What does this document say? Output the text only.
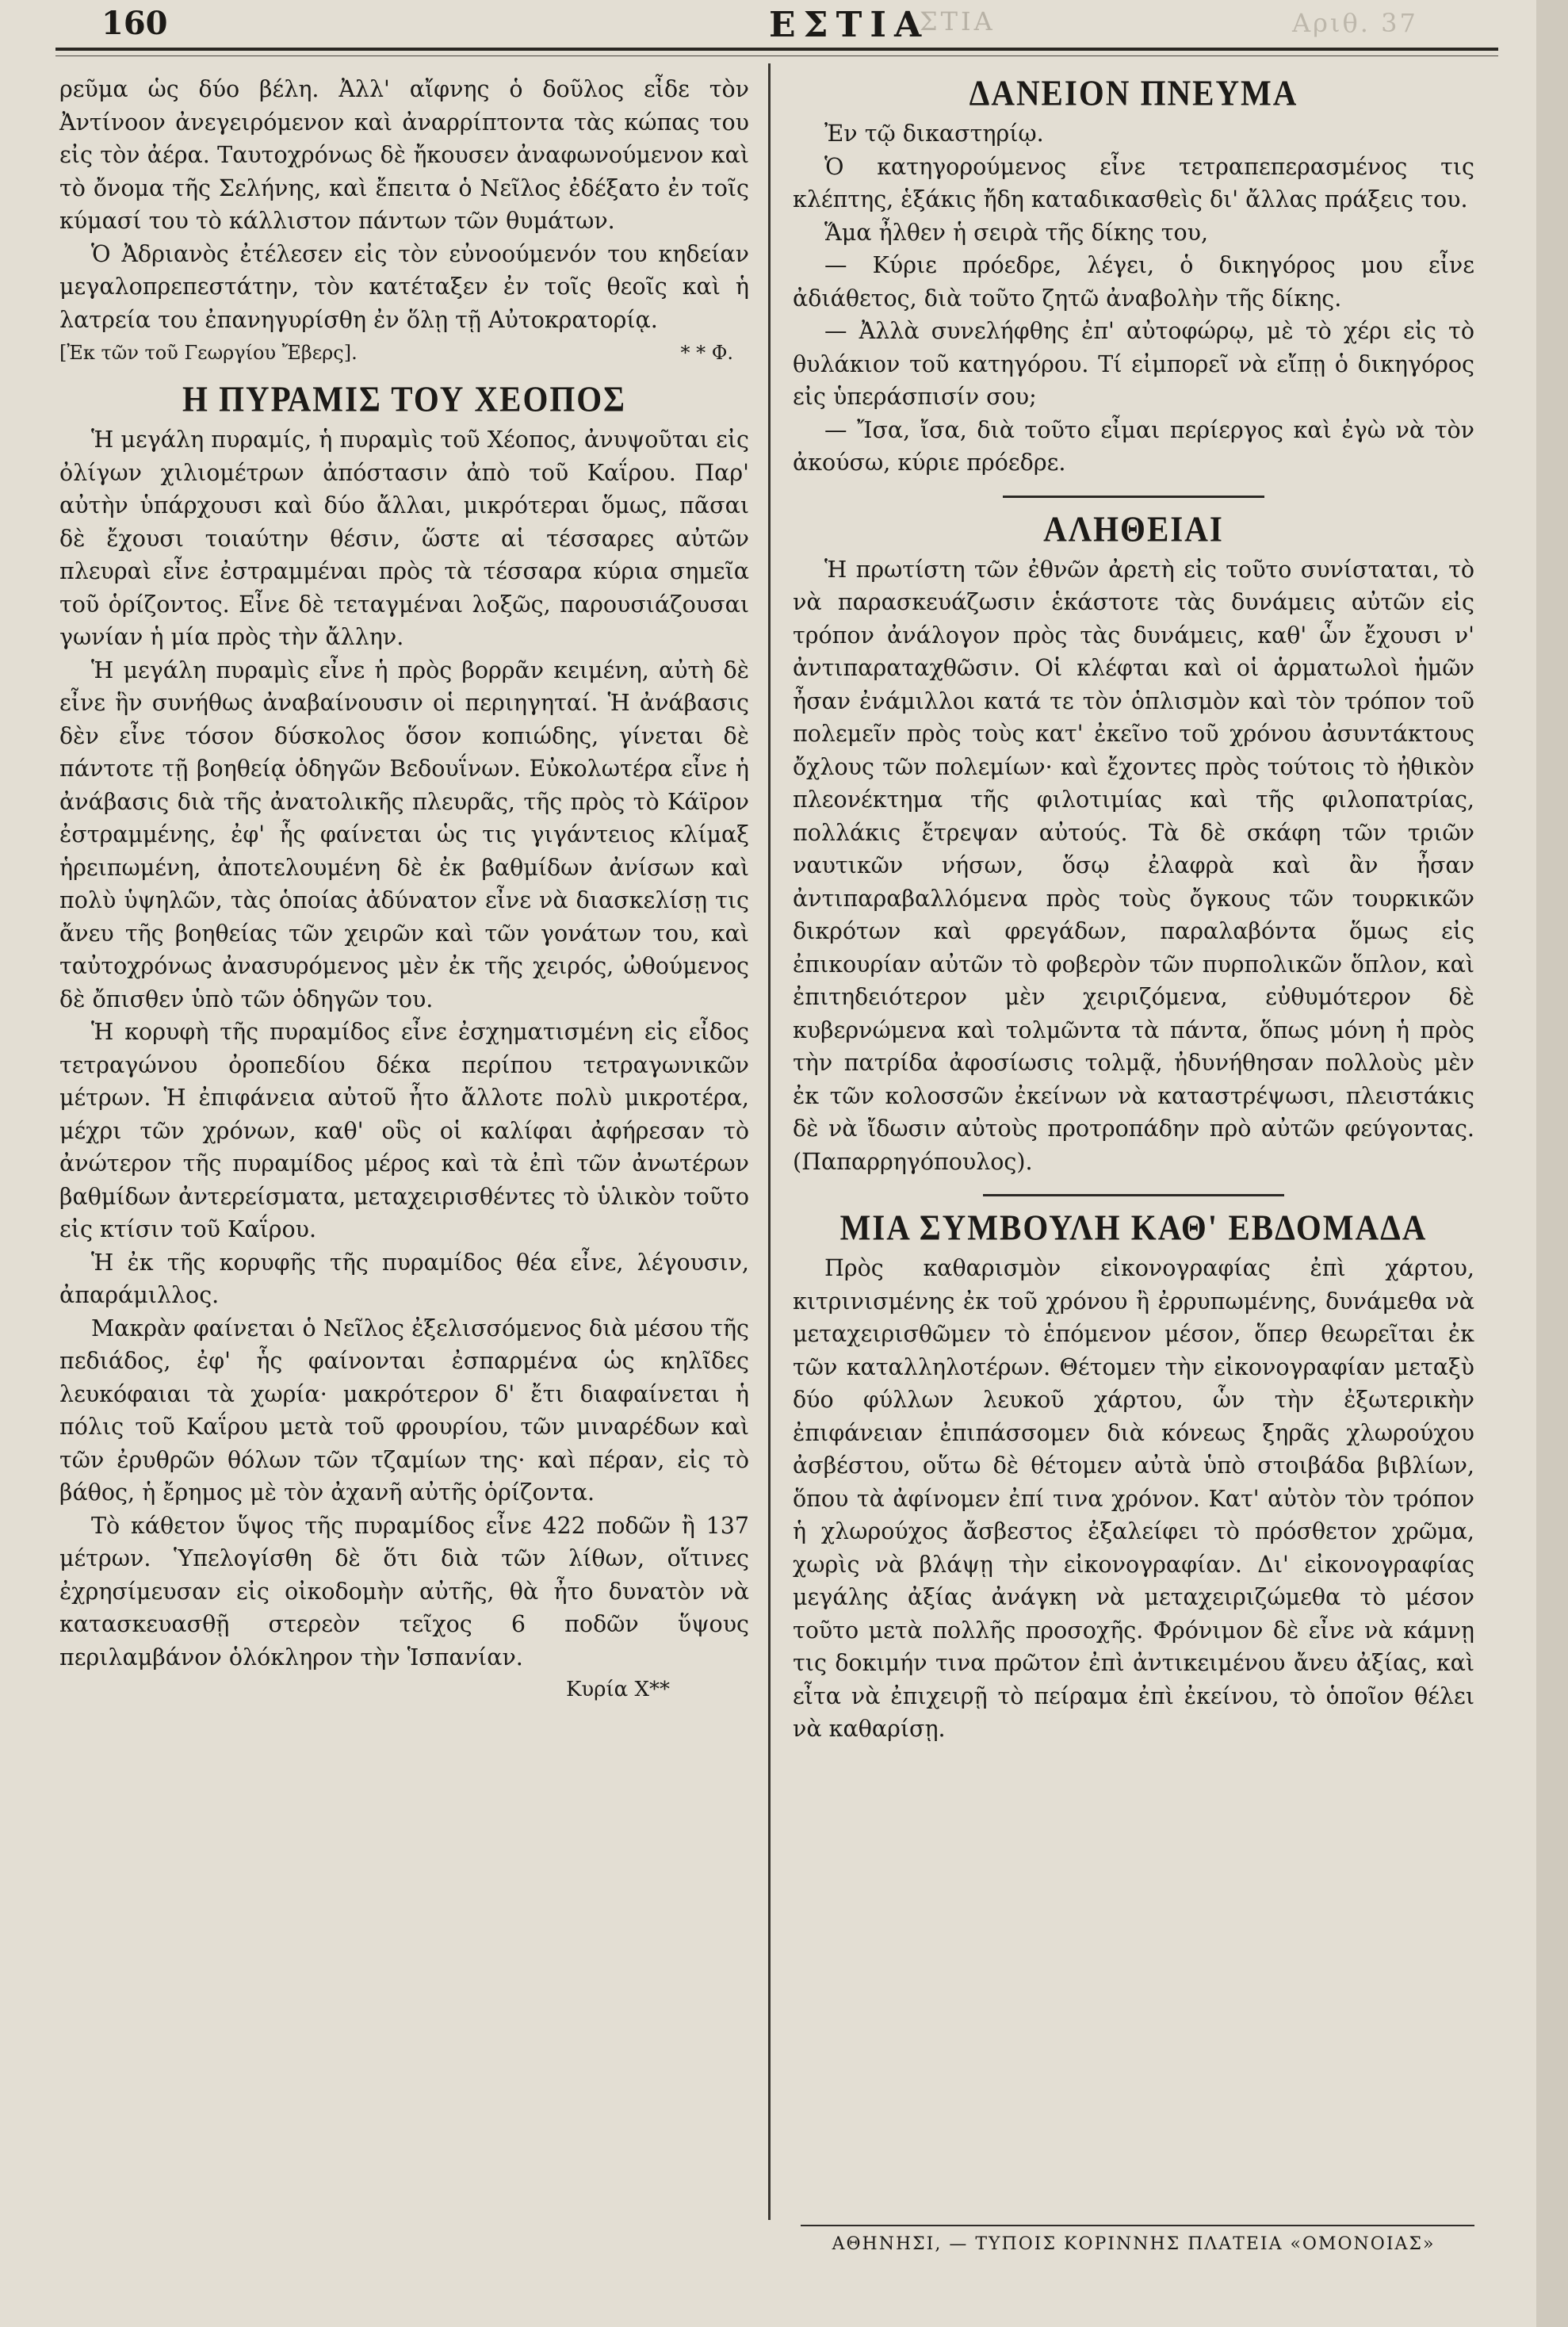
160	ΕΣΤΙΑ
ΣΤΙΑ	Αριθ. 37

ρεῦμα ὡς δύο βέλη. Ἀλλ' αἴφνης ὁ δοῦλος εἶδε τὸν Ἀντίνοον ἀνεγειρόμενον καὶ ἀναρρίπτοντα τὰς κώπας του εἰς τὸν ἀέρα. Ταυτοχρόνως δὲ ἤκουσεν ἀναφωνούμενον καὶ τὸ ὄνομα τῆς Σελήνης, καὶ ἔπειτα ὁ Νεῖλος ἐδέξατο ἐν τοῖς κύμασί του τὸ κάλλιστον πάντων τῶν θυμάτων.

Ὁ Ἀδριανὸς ἐτέλεσεν εἰς τὸν εὐνοούμενόν του κηδείαν μεγαλοπρεπεστάτην, τὸν κατέταξεν ἐν τοῖς θεοῖς καὶ ἡ λατρεία του ἐπανηγυρίσθη ἐν ὅλῃ τῇ Αὐτοκρατορίᾳ.

[Ἐκ τῶν τοῦ Γεωργίου Ἔβερς].	* * Φ.
Η ΠΥΡΑΜΙΣ ΤΟΥ ΧΕΟΠΟΣ

Ἡ μεγάλη πυραμίς, ἡ πυραμὶς τοῦ Χέοπος, ἀνυψοῦται εἰς ὀλίγων χιλιομέτρων ἀπόστασιν ἀπὸ τοῦ Καΐρου. Παρ' αὐτὴν ὑπάρχουσι καὶ δύο ἄλλαι, μικρότεραι ὅμως, πᾶσαι δὲ ἔχουσι τοιαύτην θέσιν, ὥστε αἱ τέσσαρες αὐτῶν πλευραὶ εἶνε ἐστραμμέναι πρὸς τὰ τέσσαρα κύρια σημεῖα τοῦ ὁρίζοντος. Εἶνε δὲ τεταγμέναι λοξῶς, παρουσιάζουσαι γωνίαν ἡ μία πρὸς τὴν ἄλλην.

Ἡ μεγάλη πυραμὶς εἶνε ἡ πρὸς βορρᾶν κειμένη, αὐτὴ δὲ εἶνε ἣν συνήθως ἀναβαίνουσιν οἱ περιηγηταί. Ἡ ἀνάβασις δὲν εἶνε τόσον δύσκολος ὅσον κοπιώδης, γίνεται δὲ πάντοτε τῇ βοηθείᾳ ὁδηγῶν Βεδουΐνων. Εὐκολωτέρα εἶνε ἡ ἀνάβασις διὰ τῆς ἀνατολικῆς πλευρᾶς, τῆς πρὸς τὸ Κάϊρον ἐστραμμένης, ἐφ' ἧς φαίνεται ὡς τις γιγάντειος κλίμαξ ἡρειπωμένη, ἀποτελουμένη δὲ ἐκ βαθμίδων ἀνίσων καὶ πολὺ ὑψηλῶν, τὰς ὁποίας ἀδύνατον εἶνε νὰ διασκελίσῃ τις ἄνευ τῆς βοηθείας τῶν χειρῶν καὶ τῶν γονάτων του, καὶ ταὐτοχρόνως ἀνασυρόμενος μὲν ἐκ τῆς χειρός, ὠθούμενος δὲ ὄπισθεν ὑπὸ τῶν ὁδηγῶν του.

Ἡ κορυφὴ τῆς πυραμίδος εἶνε ἐσχηματισμένη εἰς εἶδος τετραγώνου ὀροπεδίου δέκα περίπου τετραγωνικῶν μέτρων. Ἡ ἐπιφάνεια αὐτοῦ ἦτο ἄλλοτε πολὺ μικροτέρα, μέχρι τῶν χρόνων, καθ' οὓς οἱ καλίφαι ἀφήρεσαν τὸ ἀνώτερον τῆς πυραμίδος μέρος καὶ τὰ ἐπὶ τῶν ἀνωτέρων βαθμίδων ἀντερείσματα, μεταχειρισθέντες τὸ ὑλικὸν τοῦτο εἰς κτίσιν τοῦ Καΐρου.

Ἡ ἐκ τῆς κορυφῆς τῆς πυραμίδος θέα εἶνε, λέγουσιν, ἀπαράμιλλος.

Μακρὰν φαίνεται ὁ Νεῖλος ἐξελισσόμενος διὰ μέσου τῆς πεδιάδος, ἐφ' ἧς φαίνονται ἐσπαρμένα ὡς κηλῖδες λευκόφαιαι τὰ χωρία· μακρότερον δ' ἔτι διαφαίνεται ἡ πόλις τοῦ Καΐρου μετὰ τοῦ φρουρίου, τῶν μιναρέδων καὶ τῶν ἐρυθρῶν θόλων τῶν τζαμίων της· καὶ πέραν, εἰς τὸ βάθος, ἡ ἔρημος μὲ τὸν ἀχανῆ αὐτῆς ὁρίζοντα.

Τὸ κάθετον ὕψος τῆς πυραμίδος εἶνε 422 ποδῶν ἢ 137 μέτρων. Ὑπελογίσθη δὲ ὅτι διὰ τῶν λίθων, οἵτινες ἐχρησίμευσαν εἰς οἰκοδομὴν αὐτῆς, θὰ ἦτο δυνατὸν νὰ κατασκευασθῇ στερεὸν τεῖχος 6 ποδῶν ὕψους περιλαμβάνον ὁλόκληρον τὴν Ἱσπανίαν.

Κυρία Χ**
ΔΑΝΕΙΟΝ ΠΝΕΥΜΑ

Ἐν τῷ δικαστηρίῳ.

Ὁ κατηγορούμενος εἶνε τετραπεπερασμένος τις κλέπτης, ἑξάκις ἤδη καταδικασθεὶς δι' ἄλλας πράξεις του.

Ἅμα ἦλθεν ἡ σειρὰ τῆς δίκης του,

— Κύριε πρόεδρε, λέγει, ὁ δικηγόρος μου εἶνε ἀδιάθετος, διὰ τοῦτο ζητῶ ἀναβολὴν τῆς δίκης.

— Ἀλλὰ συνελήφθης ἐπ' αὐτοφώρῳ, μὲ τὸ χέρι εἰς τὸ θυλάκιον τοῦ κατηγόρου. Τί εἰμπορεῖ νὰ εἴπῃ ὁ δικηγόρος εἰς ὑπεράσπισίν σου;

— Ἴσα, ἴσα, διὰ τοῦτο εἶμαι περίεργος καὶ ἐγὼ νὰ τὸν ἀκούσω, κύριε πρόεδρε.

ΑΛΗΘΕΙΑΙ

Ἡ πρωτίστη τῶν ἐθνῶν ἀρετὴ εἰς τοῦτο συνίσταται, τὸ νὰ παρασκευάζωσιν ἑκάστοτε τὰς δυνάμεις αὐτῶν εἰς τρόπον ἀνάλογον πρὸς τὰς δυνάμεις, καθ' ὧν ἔχουσι ν' ἀντιπαραταχθῶσιν. Οἱ κλέφται καὶ οἱ ἁρματωλοὶ ἡμῶν ἦσαν ἐνάμιλλοι κατά τε τὸν ὁπλισμὸν καὶ τὸν τρόπον τοῦ πολεμεῖν πρὸς τοὺς κατ' ἐκεῖνο τοῦ χρόνου ἀσυντάκτους ὄχλους τῶν πολεμίων· καὶ ἔχοντες πρὸς τούτοις τὸ ἠθικὸν πλεονέκτημα τῆς φιλοτιμίας καὶ τῆς φιλοπατρίας, πολλάκις ἔτρεψαν αὐτούς. Τὰ δὲ σκάφη τῶν τριῶν ναυτικῶν νήσων, ὅσῳ ἐλαφρὰ καὶ ἂν ἦσαν ἀντιπαραβαλλόμενα πρὸς τοὺς ὄγκους τῶν τουρκικῶν δικρότων καὶ φρεγάδων, παραλαβόντα ὅμως εἰς ἐπικουρίαν αὐτῶν τὸ φοβερὸν τῶν πυρπολικῶν ὅπλον, καὶ ἐπιτηδειότερον μὲν χειριζόμενα, εὐθυμότερον δὲ κυβερνώμενα καὶ τολμῶντα τὰ πάντα, ὅπως μόνη ἡ πρὸς τὴν πατρίδα ἀφοσίωσις τολμᾷ, ἠδυνήθησαν πολλοὺς μὲν ἐκ τῶν κολοσσῶν ἐκείνων νὰ καταστρέψωσι, πλειστάκις δὲ νὰ ἴδωσιν αὐτοὺς προτροπάδην πρὸ αὐτῶν φεύγοντας. (Παπαρρηγόπουλος).

ΜΙΑ ΣΥΜΒΟΥΛΗ ΚΑΘ' ΕΒΔΟΜΑΔΑ

Πρὸς καθαρισμὸν εἰκονογραφίας ἐπὶ χάρτου, κιτρινισμένης ἐκ τοῦ χρόνου ἢ ἐρρυπωμένης, δυνάμεθα νὰ μεταχειρισθῶμεν τὸ ἑπόμενον μέσον, ὅπερ θεωρεῖται ἐκ τῶν καταλληλοτέρων. Θέτομεν τὴν εἰκονογραφίαν μεταξὺ δύο φύλλων λευκοῦ χάρτου, ὧν τὴν ἐξωτερικὴν ἐπιφάνειαν ἐπιπάσσομεν διὰ κόνεως ξηρᾶς χλωρούχου ἀσβέστου, οὕτω δὲ θέτομεν αὐτὰ ὑπὸ στοιβάδα βιβλίων, ὅπου τὰ ἀφίνομεν ἐπί τινα χρόνον. Κατ' αὐτὸν τὸν τρόπον ἡ χλωρούχος ἄσβεστος ἐξαλείφει τὸ πρόσθετον χρῶμα, χωρὶς νὰ βλάψῃ τὴν εἰκονογραφίαν. Δι' εἰκονογραφίας μεγάλης ἀξίας ἀνάγκη νὰ μεταχειριζώμεθα τὸ μέσον τοῦτο μετὰ πολλῆς προσοχῆς. Φρόνιμον δὲ εἶνε νὰ κάμνῃ τις δοκιμήν τινα πρῶτον ἐπὶ ἀντικειμένου ἄνευ ἀξίας, καὶ εἶτα νὰ ἐπιχειρῇ τὸ πείραμα ἐπὶ ἐκείνου, τὸ ὁποῖον θέλει νὰ καθαρίσῃ.

ΑΘΗΝΗΣΙ, — ΤΥΠΟΙΣ ΚΟΡΙΝΝΗΣ ΠΛΑΤΕΙΑ «ΟΜΟΝΟΙΑΣ»
